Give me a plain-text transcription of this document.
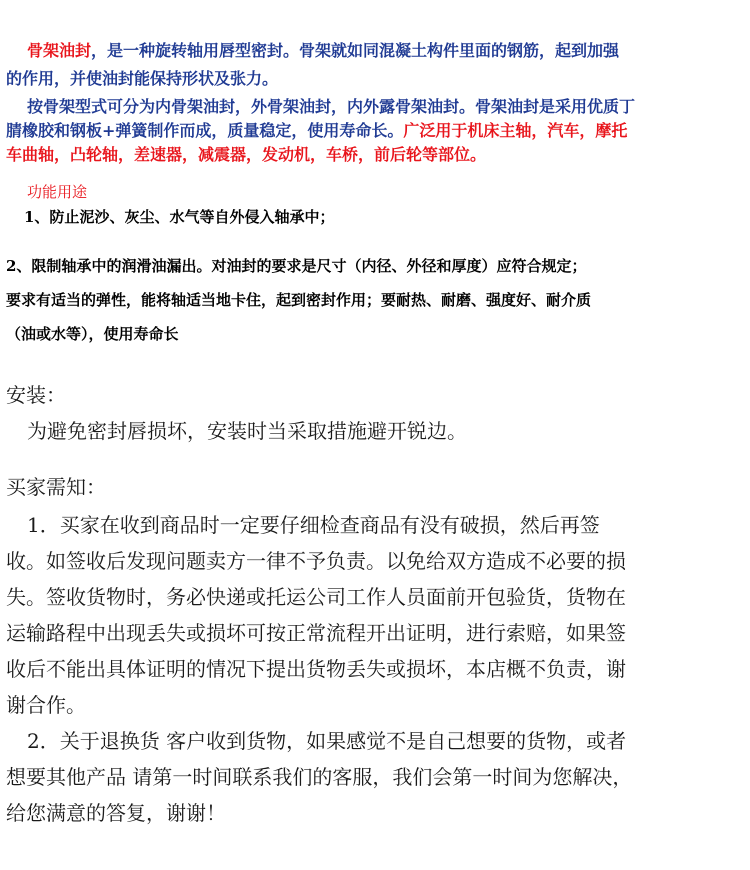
骨架油封，是一种旋转轴用唇型密封。骨架就如同混凝土构件里面的钢筋，起到加强
的作用，并使油封能保持形状及张力。
按骨架型式可分为内骨架油封，外骨架油封，内外露骨架油封。骨架油封是采用优质丁
腈橡胶和钢板+弹簧制作而成，质量稳定，使用寿命长。广泛用于机床主轴，汽车，摩托
车曲轴，凸轮轴，差速器，减震器，发动机，车桥，前后轮等部位。
功能用途
1、防止泥沙、灰尘、水气等自外侵入轴承中；
2、限制轴承中的润滑油漏出。对油封的要求是尺寸（内径、外径和厚度）应符合规定；
要求有适当的弹性，能将轴适当地卡住，起到密封作用；要耐热、耐磨、强度好、耐介质
（油或水等），使用寿命长
安装：
为避免密封唇损坏，安装时当采取措施避开锐边。
买家需知：
1．买家在收到商品时一定要仔细检查商品有没有破损，然后再签
收。如签收后发现问题卖方一律不予负责。以免给双方造成不必要的损
失。签收货物时，务必快递或托运公司工作人员面前开包验货，货物在
运输路程中出现丢失或损坏可按正常流程开出证明，进行索赔，如果签
收后不能出具体证明的情况下提出货物丢失或损坏，本店概不负责，谢
谢合作。
2．关于退换货 客户收到货物，如果感觉不是自己想要的货物，或者
想要其他产品 请第一时间联系我们的客服，我们会第一时间为您解决，
给您满意的答复，谢谢！
